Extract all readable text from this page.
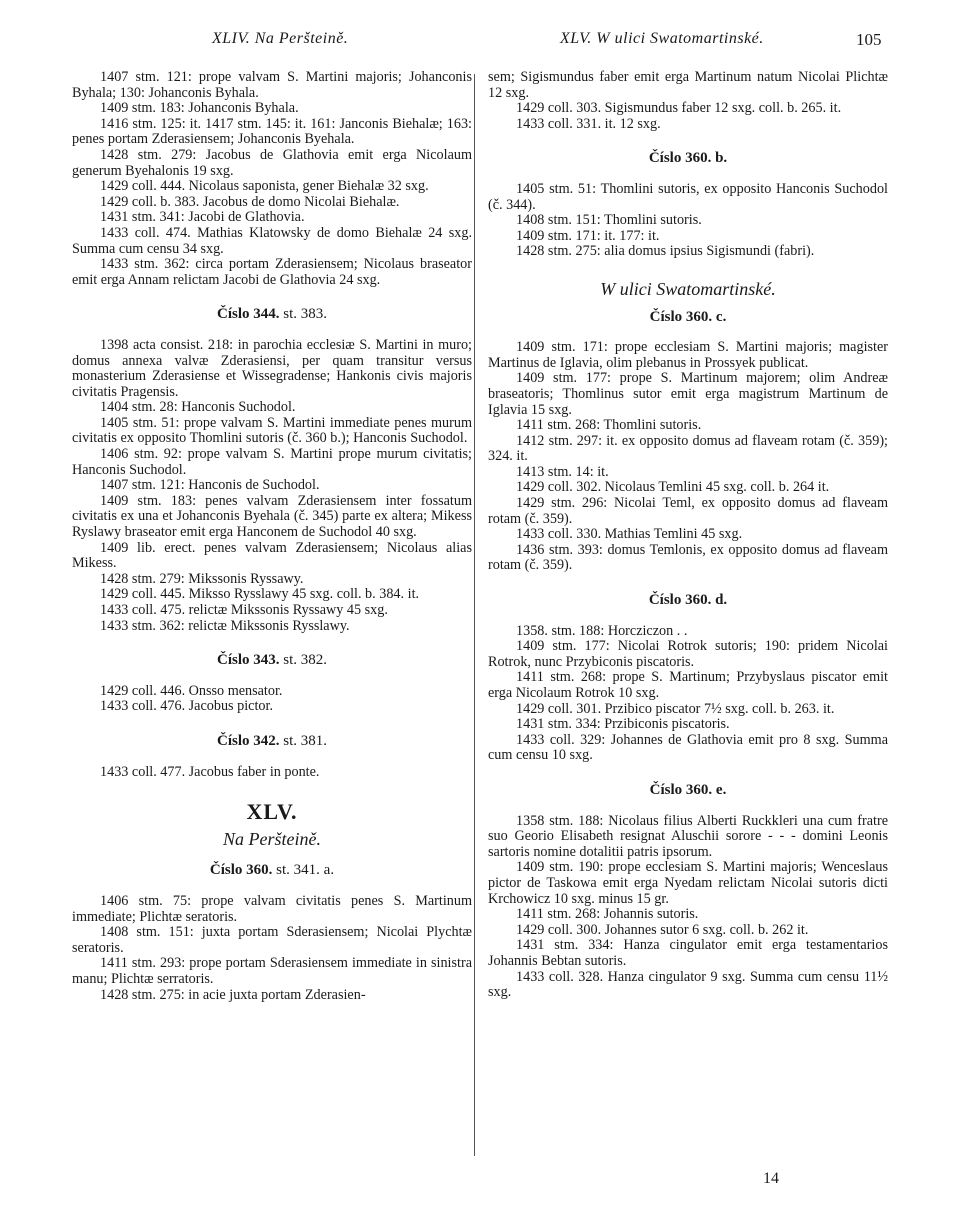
XLIV. Na Peršteině.	XLV. W ulici Swatomartinské.	105

1407 stm. 121: prope valvam S. Martini majoris; Johanconis Byhala; 130: Johanconis Byhala.

1409 stm. 183: Johanconis Byhala.

1416 stm. 125: it. 1417 stm. 145: it. 161: Janconis Biehalæ; 163: penes portam Zderasiensem; Johanconis Byehala.

1428 stm. 279: Jacobus de Glathovia emit erga Nicolaum generum Byehalonis 19 sxg.

1429 coll. 444. Nicolaus saponista, gener Biehalæ 32 sxg.

1429 coll. b. 383. Jacobus de domo Nicolai Biehalæ.

1431 stm. 341: Jacobi de Glathovia.

1433 coll. 474. Mathias Klatowsky de domo Biehalæ 24 sxg. Summa cum censu 34 sxg.

1433 stm. 362: circa portam Zderasiensem; Nicolaus braseator emit erga Annam relictam Jacobi de Glathovia 24 sxg.

Číslo 344. st. 383.

1398 acta consist. 218: in parochia ecclesiæ S. Martini in muro; domus annexa valvæ Zderasiensi, per quam transitur versus monasterium Zderasiense et Wissegradense; Hankonis civis majoris civitatis Pragensis.

1404 stm. 28: Hanconis Suchodol.

1405 stm. 51: prope valvam S. Martini immediate penes murum civitatis ex opposito Thomlini sutoris (č. 360 b.); Hanconis Suchodol.

1406 stm. 92: prope valvam S. Martini prope murum civitatis; Hanconis Suchodol.

1407 stm. 121: Hanconis de Suchodol.

1409 stm. 183: penes valvam Zderasiensem inter fossatum civitatis ex una et Johanconis Byehala (č. 345) parte ex altera; Mikess Ryslawy braseator emit erga Hanconem de Suchodol 40 sxg.

1409 lib. erect. penes valvam Zderasiensem; Nicolaus alias Mikess.

1428 stm. 279: Mikssonis Ryssawy.

1429 coll. 445. Miksso Rysslawy 45 sxg. coll. b. 384. it.

1433 coll. 475. relictæ Mikssonis Ryssawy 45 sxg.

1433 stm. 362: relictæ Mikssonis Rysslawy.

Číslo 343. st. 382.

1429 coll. 446. Onsso mensator.

1433 coll. 476. Jacobus pictor.

Číslo 342. st. 381.

1433 coll. 477. Jacobus faber in ponte.

XLV.
Na Peršteině.
Číslo 360. st. 341. a.

1406 stm. 75: prope valvam civitatis penes S. Martinum immediate; Plichtæ seratoris.

1408 stm. 151: juxta portam Sderasiensem; Nicolai Plychtæ seratoris.

1411 stm. 293: prope portam Sderasiensem immediate in sinistra manu; Plichtæ serratoris.

1428 stm. 275: in acie juxta portam Zderasien-

sem; Sigismundus faber emit erga Martinum natum Nicolai Plichtæ 12 sxg.

1429 coll. 303. Sigismundus faber 12 sxg. coll. b. 265. it.

1433 coll. 331. it. 12 sxg.

Číslo 360. b.

1405 stm. 51: Thomlini sutoris, ex opposito Hanconis Suchodol (č. 344).

1408 stm. 151: Thomlini sutoris.

1409 stm. 171: it. 177: it.

1428 stm. 275: alia domus ipsius Sigismundi (fabri).

W ulici Swatomartinské.
Číslo 360. c.

1409 stm. 171: prope ecclesiam S. Martini majoris; magister Martinus de Iglavia, olim plebanus in Prossyek publicat.

1409 stm. 177: prope S. Martinum majorem; olim Andreæ braseatoris; Thomlinus sutor emit erga magistrum Martinum de Iglavia 15 sxg.

1411 stm. 268: Thomlini sutoris.

1412 stm. 297: it. ex opposito domus ad flaveam rotam (č. 359); 324. it.

1413 stm. 14: it.

1429 coll. 302. Nicolaus Temlini 45 sxg. coll. b. 264 it.

1429 stm. 296: Nicolai Teml, ex opposito domus ad flaveam rotam (č. 359).

1433 coll. 330. Mathias Temlini 45 sxg.

1436 stm. 393: domus Temlonis, ex opposito domus ad flaveam rotam (č. 359).

Číslo 360. d.

1358. stm. 188: Horcziczon . .

1409 stm. 177: Nicolai Rotrok sutoris; 190: pridem Nicolai Rotrok, nunc Przybiconis piscatoris.

1411 stm. 268: prope S. Martinum; Przybyslaus piscator emit erga Nicolaum Rotrok 10 sxg.

1429 coll. 301. Przibico piscator 7½ sxg. coll. b. 263. it.

1431 stm. 334: Przibiconis piscatoris.

1433 coll. 329: Johannes de Glathovia emit pro 8 sxg. Summa cum censu 10 sxg.

Číslo 360. e.

1358 stm. 188: Nicolaus filius Alberti Ruckkleri una cum fratre suo Georio Elisabeth resignat Aluschii sorore - - - domini Leonis sartoris nomine dotalitii patris ipsorum.

1409 stm. 190: prope ecclesiam S. Martini majoris; Wenceslaus pictor de Taskowa emit erga Nyedam relictam Nicolai sutoris dicti Krchowicz 10 sxg. minus 15 gr.

1411 stm. 268: Johannis sutoris.

1429 coll. 300. Johannes sutor 6 sxg. coll. b. 262 it.

1431 stm. 334: Hanza cingulator emit erga testamentarios Johannis Bebtan sutoris.

1433 coll. 328. Hanza cingulator 9 sxg. Summa cum censu 11½ sxg.

14
